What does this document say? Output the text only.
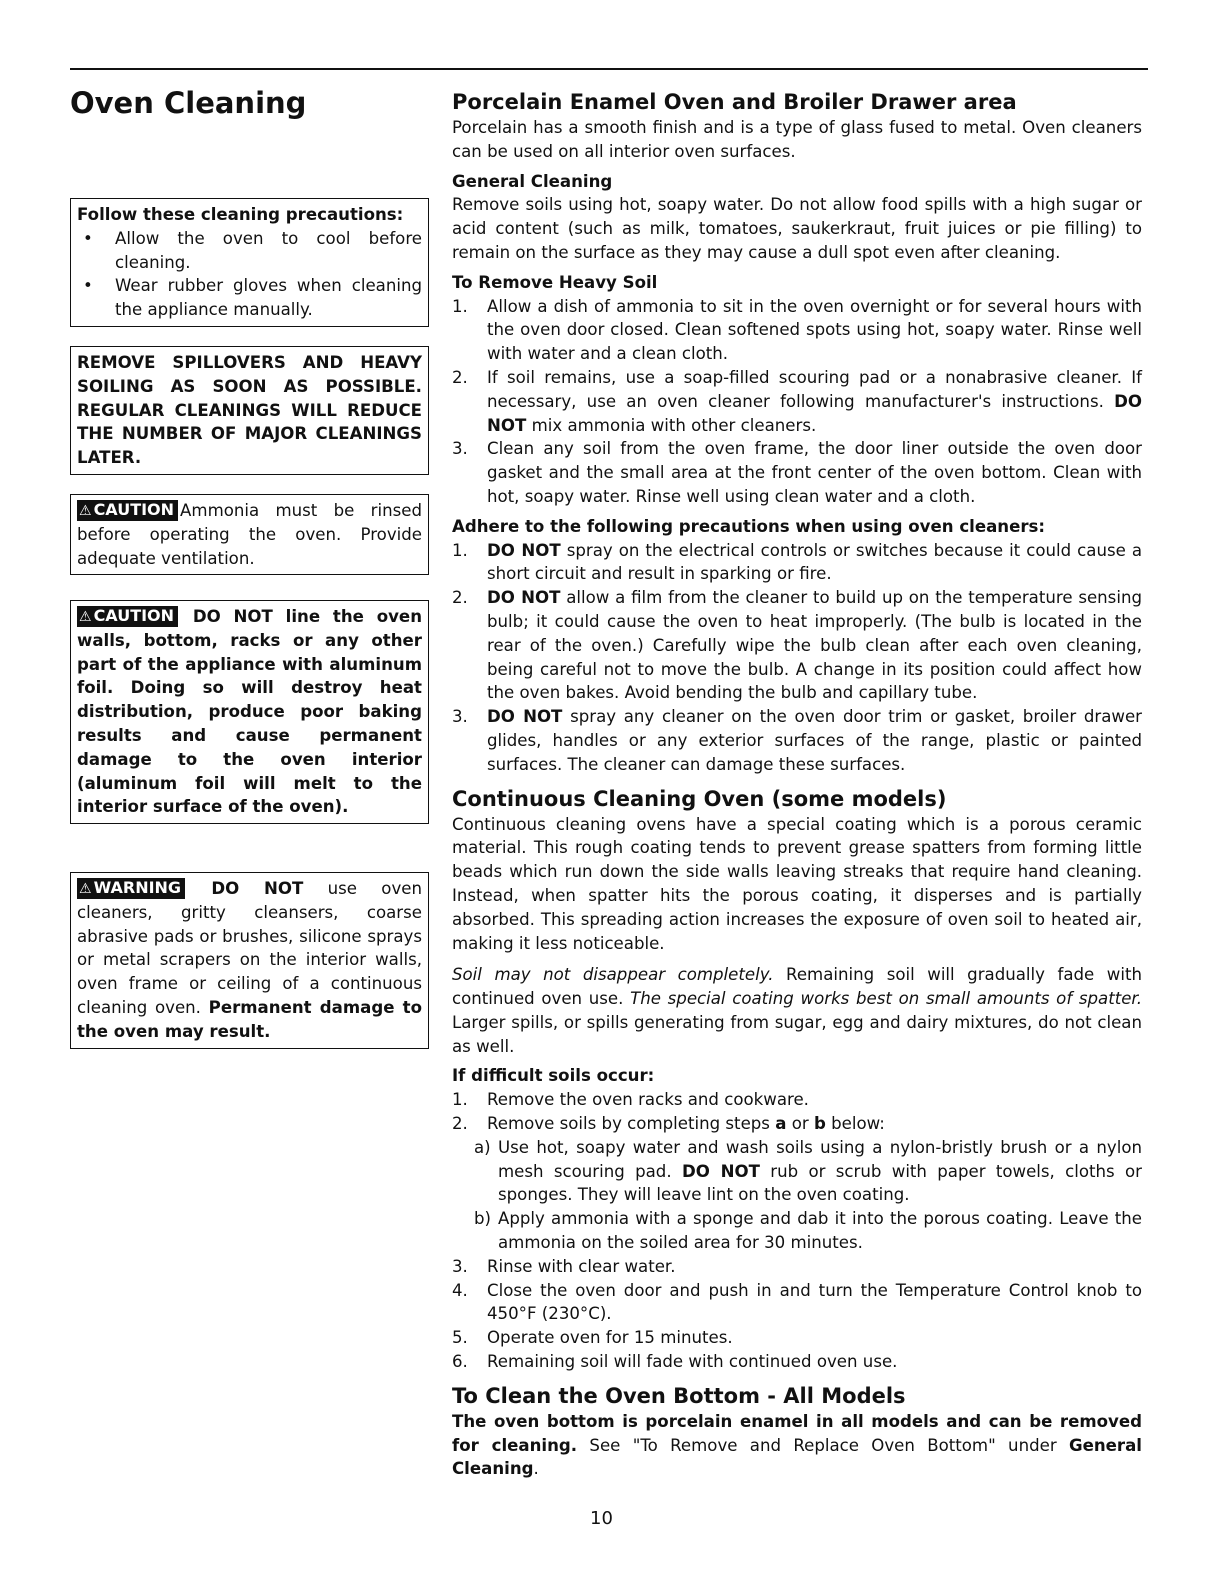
Oven Cleaning

Follow these cleaning precautions:

• Allow the oven to cool before cleaning.
• Wear rubber gloves when cleaning the appliance manually.
REMOVE SPILLOVERS AND HEAVY SOILING AS SOON AS POSSIBLE. REGULAR CLEANINGS WILL REDUCE THE NUMBER OF MAJOR CLEANINGS LATER.
⚠ CAUTION Ammonia must be rinsed before operating the oven. Provide adequate ventilation.
⚠ CAUTION DO NOT line the oven walls, bottom, racks or any other part of the appliance with aluminum foil. Doing so will destroy heat distribution, produce poor baking results and cause permanent damage to the oven interior (aluminum foil will melt to the interior surface of the oven).
⚠ WARNING DO NOT use oven cleaners, gritty cleansers, coarse abrasive pads or brushes, silicone sprays or metal scrapers on the interior walls, oven frame or ceiling of a continuous cleaning oven. Permanent damage to the oven may result.
Porcelain Enamel Oven and Broiler Drawer area

Porcelain has a smooth finish and is a type of glass fused to metal. Oven cleaners can be used on all interior oven surfaces.

General Cleaning

Remove soils using hot, soapy water. Do not allow food spills with a high sugar or acid content (such as milk, tomatoes, saukerkraut, fruit juices or pie filling) to remain on the surface as they may cause a dull spot even after cleaning.

To Remove Heavy Soil
1. Allow a dish of ammonia to sit in the oven overnight or for several hours with the oven door closed. Clean softened spots using hot, soapy water. Rinse well with water and a clean cloth.
2. If soil remains, use a soap-filled scouring pad or a nonabrasive cleaner. If necessary, use an oven cleaner following manufacturer's instructions. DO NOT mix ammonia with other cleaners.
3. Clean any soil from the oven frame, the door liner outside the oven door gasket and the small area at the front center of the oven bottom. Clean with hot, soapy water. Rinse well using clean water and a cloth.
Adhere to the following precautions when using oven cleaners:
1. DO NOT spray on the electrical controls or switches because it could cause a short circuit and result in sparking or fire.
2. DO NOT allow a film from the cleaner to build up on the temperature sensing bulb; it could cause the oven to heat improperly. (The bulb is located in the rear of the oven.) Carefully wipe the bulb clean after each oven cleaning, being careful not to move the bulb. A change in its position could affect how the oven bakes. Avoid bending the bulb and capillary tube.
3. DO NOT spray any cleaner on the oven door trim or gasket, broiler drawer glides, handles or any exterior surfaces of the range, plastic or painted surfaces. The cleaner can damage these surfaces.
Continuous Cleaning Oven (some models)

Continuous cleaning ovens have a special coating which is a porous ceramic material. This rough coating tends to prevent grease spatters from forming little beads which run down the side walls leaving streaks that require hand cleaning. Instead, when spatter hits the porous coating, it disperses and is partially absorbed. This spreading action increases the exposure of oven soil to heated air, making it less noticeable.

Soil may not disappear completely. Remaining soil will gradually fade with continued oven use. The special coating works best on small amounts of spatter. Larger spills, or spills generating from sugar, egg and dairy mixtures, do not clean as well.

If difficult soils occur:
1. Remove the oven racks and cookware.
2. Remove soils by completing steps a or b below:
a) Use hot, soapy water and wash soils using a nylon-bristly brush or a nylon mesh scouring pad. DO NOT rub or scrub with paper towels, cloths or sponges. They will leave lint on the oven coating.
b) Apply ammonia with a sponge and dab it into the porous coating. Leave the ammonia on the soiled area for 30 minutes.
3. Rinse with clear water.
4. Close the oven door and push in and turn the Temperature Control knob to 450°F (230°C).
5. Operate oven for 15 minutes.
6. Remaining soil will fade with continued oven use.
To Clean the Oven Bottom - All Models

The oven bottom is porcelain enamel in all models and can be removed for cleaning. See "To Remove and Replace Oven Bottom" under General Cleaning.

10
